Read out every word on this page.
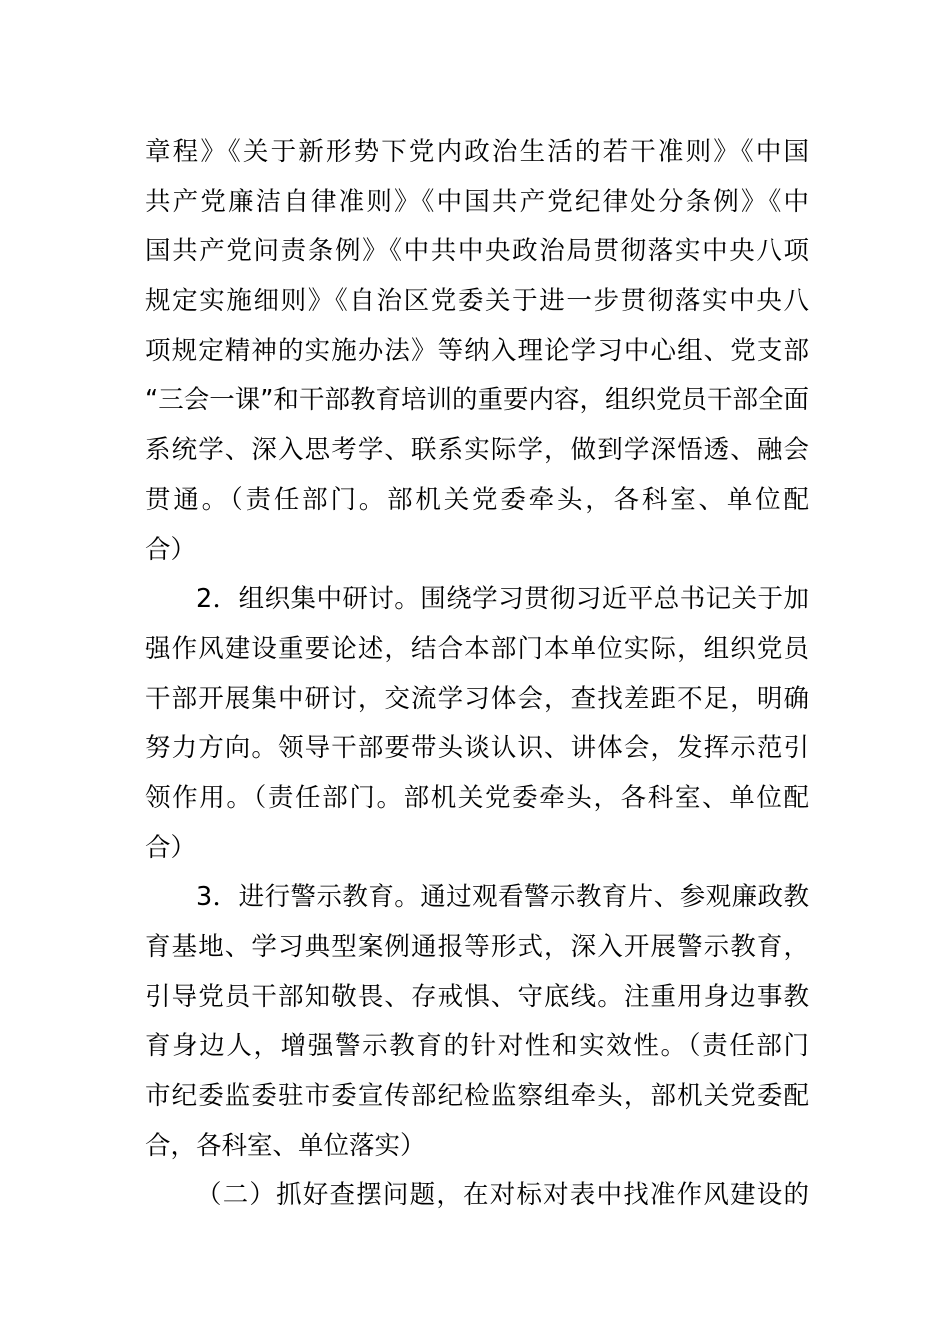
章程》《关于新形势下党内政治生活的若干准则》《中国
共产党廉洁自律准则》《中国共产党纪律处分条例》《中
国共产党问责条例》《中共中央政治局贯彻落实中央八项
规定实施细则》《自治区党委关于进一步贯彻落实中央八
项规定精神的实施办法》等纳入理论学习中心组、党支部
“三会一课”和干部教育培训的重要内容，组织党员干部全面
系统学、深入思考学、联系实际学，做到学深悟透、融会
贯通。（责任部门。部机关党委牵头，各科室、单位配
合）
2．组织集中研讨。围绕学习贯彻习近平总书记关于加
强作风建设重要论述，结合本部门本单位实际，组织党员
干部开展集中研讨，交流学习体会，查找差距不足，明确
努力方向。领导干部要带头谈认识、讲体会，发挥示范引
领作用。（责任部门。部机关党委牵头，各科室、单位配
合）
3．进行警示教育。通过观看警示教育片、参观廉政教
育基地、学习典型案例通报等形式，深入开展警示教育，
引导党员干部知敬畏、存戒惧、守底线。注重用身边事教
育身边人，增强警示教育的针对性和实效性。（责任部门
市纪委监委驻市委宣传部纪检监察组牵头，部机关党委配
合，各科室、单位落实）
（二）抓好查摆问题，在对标对表中找准作风建设的
